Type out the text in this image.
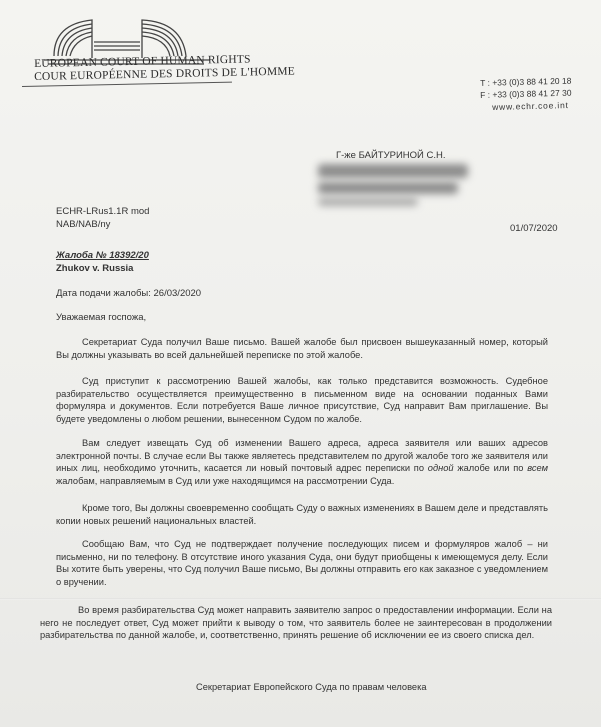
EUROPEAN COURT OF HUMAN RIGHTS
COUR EUROPÉENNE DES DROITS DE L'HOMME	T : +33 (0)3 88 41 20 18
F : +33 (0)3 88 41 27 30
www.echr.coe.int
Г-же БАЙТУРИНОЙ С.Н.
ECHR-LRus1.1R mod
NAB/NAB/ny	01/07/2020
Жалоба № 18392/20
Zhukov v. Russia
Дата подачи жалобы: 26/03/2020
Уважаемая госпожа,
Секретариат Суда получил Ваше письмо. Вашей жалобе был присвоен вышеуказанный номер, который Вы должны указывать во всей дальнейшей переписке по этой жалобе.
Суд приступит к рассмотрению Вашей жалобы, как только представится возможность. Судебное разбирательство осуществляется преимущественно в письменном виде на основании поданных Вами формуляра и документов. Если потребуется Ваше личное присутствие, Суд направит Вам приглашение. Вы будете уведомлены о любом решении, вынесенном Судом по жалобе.
Вам следует извещать Суд об изменении Вашего адреса, адреса заявителя или ваших адресов электронной почты. В случае если Вы также являетесь представителем по другой жалобе того же заявителя или иных лиц, необходимо уточнить, касается ли новый почтовый адрес переписки по одной жалобе или по всем жалобам, направляемым в Суд или уже находящимся на рассмотрении Суда.
Кроме того, Вы должны своевременно сообщать Суду о важных изменениях в Вашем деле и представлять копии новых решений национальных властей.
Сообщаю Вам, что Суд не подтверждает получение последующих писем и формуляров жалоб – ни письменно, ни по телефону. В отсутствие иного указания Суда, они будут приобщены к имеющемуся делу. Если Вы хотите быть уверены, что Суд получил Ваше письмо, Вы должны отправить его как заказное с уведомлением о вручении.
Во время разбирательства Суд может направить заявителю запрос о предоставлении информации. Если на него не последует ответ, Суд может прийти к выводу о том, что заявитель более не заинтересован в продолжении разбирательства по данной жалобе, и, соответственно, принять решение об исключении ее из своего списка дел.
Секретариат Европейского Суда по правам человека
